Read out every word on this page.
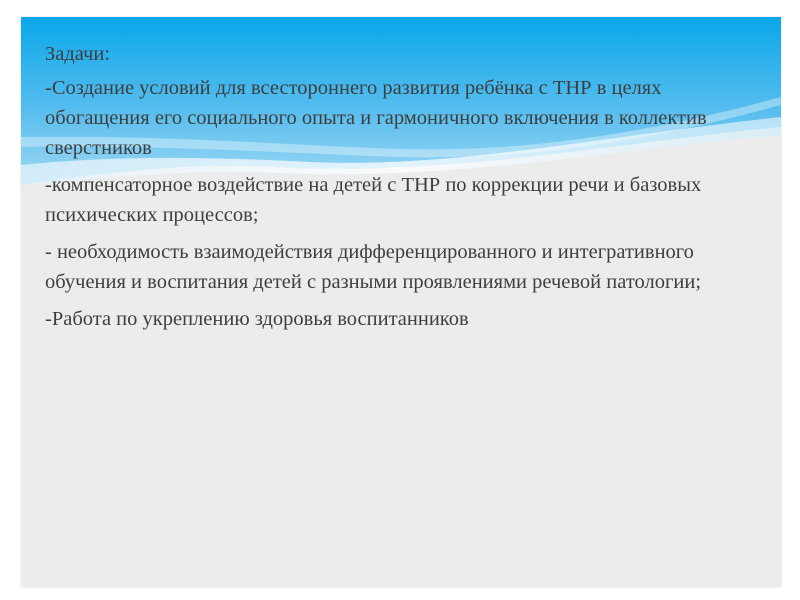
Задачи:
-Создание условий для всестороннего развития ребёнка с ТНР в целях обогащения его социального опыта и гармоничного включения в коллектив сверстников
-компенсаторное воздействие на детей с ТНР по коррекции речи и базовых психических процессов;
- необходимость взаимодействия дифференцированного и интегративного обучения и воспитания детей с разными проявлениями речевой патологии;
-Работа по укреплению здоровья воспитанников
